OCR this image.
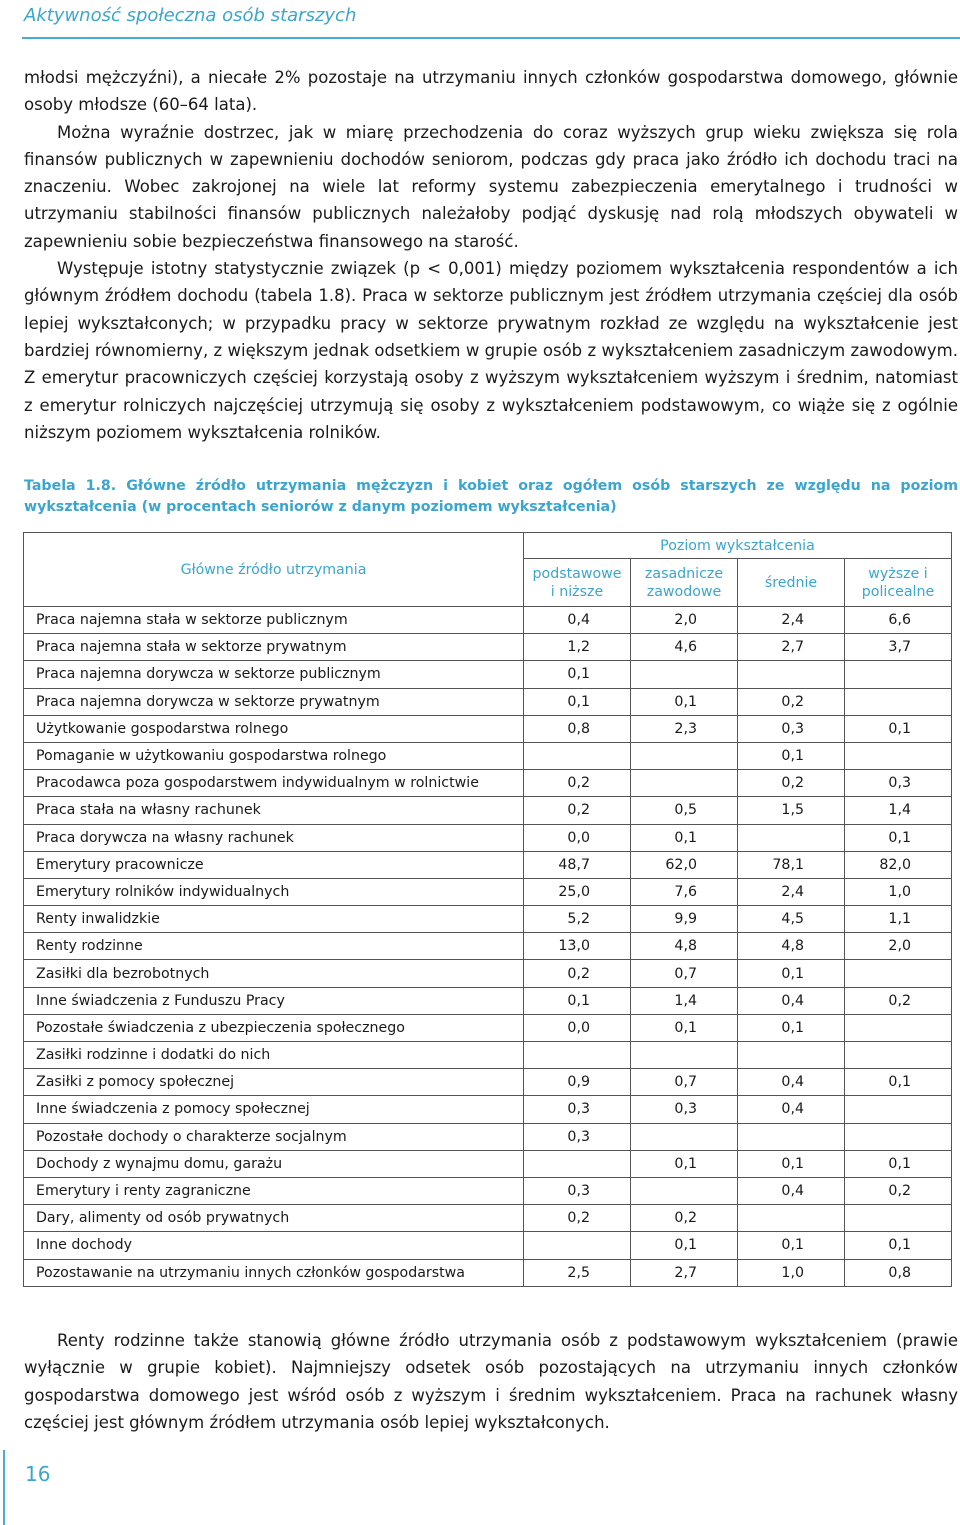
Aktywność społeczna osób starszych

młodsi mężczyźni), a niecałe 2% pozostaje na utrzymaniu innych członków gospodarstwa domowego, głównie osoby młodsze (60–64 lata).

Można wyraźnie dostrzec, jak w miarę przechodzenia do coraz wyższych grup wieku zwiększa się rola finansów publicznych w zapewnieniu dochodów seniorom, podczas gdy praca jako źródło ich dochodu traci na znaczeniu. Wobec zakrojonej na wiele lat reformy systemu zabezpieczenia emerytalnego i trudności w utrzymaniu stabilności finansów publicznych należałoby podjąć dyskusję nad rolą młodszych obywateli w zapewnieniu sobie bezpieczeństwa finansowego na starość.

Występuje istotny statystycznie związek (p < 0,001) między poziomem wykształcenia respondentów a ich głównym źródłem dochodu (tabela 1.8). Praca w sektorze publicznym jest źródłem utrzymania częściej dla osób lepiej wykształconych; w przypadku pracy w sektorze prywatnym rozkład ze względu na wykształcenie jest bardziej równomierny, z większym jednak odsetkiem w grupie osób z wykształceniem zasadniczym zawodowym. Z emerytur pracowniczych częściej korzystają osoby z wyższym wykształceniem wyższym i średnim, natomiast z emerytur rolniczych najczęściej utrzymują się osoby z wykształceniem podstawowym, co wiąże się z ogólnie niższym poziomem wykształcenia rolników.

Tabela 1.8. Główne źródło utrzymania mężczyzn i kobiet oraz ogółem osób starszych ze względu na poziom wykształcenia (w procentach seniorów z danym poziomem wykształcenia)
Główne źródło utrzymania	Poziom wykształcenia			
	podstawowe i niższe	zasadnicze zawodowe	średnie	wyższe i policealne
Praca najemna stała w sektorze publicznym	0,4	2,0	2,4	6,6
Praca najemna stała w sektorze prywatnym	1,2	4,6	2,7	3,7
Praca najemna dorywcza w sektorze publicznym	0,1			
Praca najemna dorywcza w sektorze prywatnym	0,1	0,1	0,2	
Użytkowanie gospodarstwa rolnego	0,8	2,3	0,3	0,1
Pomaganie w użytkowaniu gospodarstwa rolnego			0,1	
Pracodawca poza gospodarstwem indywidualnym w rolnictwie	0,2		0,2	0,3
Praca stała na własny rachunek	0,2	0,5	1,5	1,4
Praca dorywcza na własny rachunek	0,0	0,1		0,1
Emerytury pracownicze	48,7	62,0	78,1	82,0
Emerytury rolników indywidualnych	25,0	7,6	2,4	1,0
Renty inwalidzkie	5,2	9,9	4,5	1,1
Renty rodzinne	13,0	4,8	4,8	2,0
Zasiłki dla bezrobotnych	0,2	0,7	0,1	
Inne świadczenia z Funduszu Pracy	0,1	1,4	0,4	0,2
Pozostałe świadczenia z ubezpieczenia społecznego	0,0	0,1	0,1	
Zasiłki rodzinne i dodatki do nich				
Zasiłki z pomocy społecznej	0,9	0,7	0,4	0,1
Inne świadczenia z pomocy społecznej	0,3	0,3	0,4	
Pozostałe dochody o charakterze socjalnym	0,3			
Dochody z wynajmu domu, garażu		0,1	0,1	0,1
Emerytury i renty zagraniczne	0,3		0,4	0,2
Dary, alimenty od osób prywatnych	0,2	0,2		
Inne dochody		0,1	0,1	0,1
Pozostawanie na utrzymaniu innych członków gospodarstwa	2,5	2,7	1,0	0,8

Renty rodzinne także stanowią główne źródło utrzymania osób z podstawowym wykształceniem (prawie wyłącznie w grupie kobiet). Najmniejszy odsetek osób pozostających na utrzymaniu innych członków gospodarstwa domowego jest wśród osób z wyższym i średnim wykształceniem. Praca na rachunek własny częściej jest głównym źródłem utrzymania osób lepiej wykształconych.

16
